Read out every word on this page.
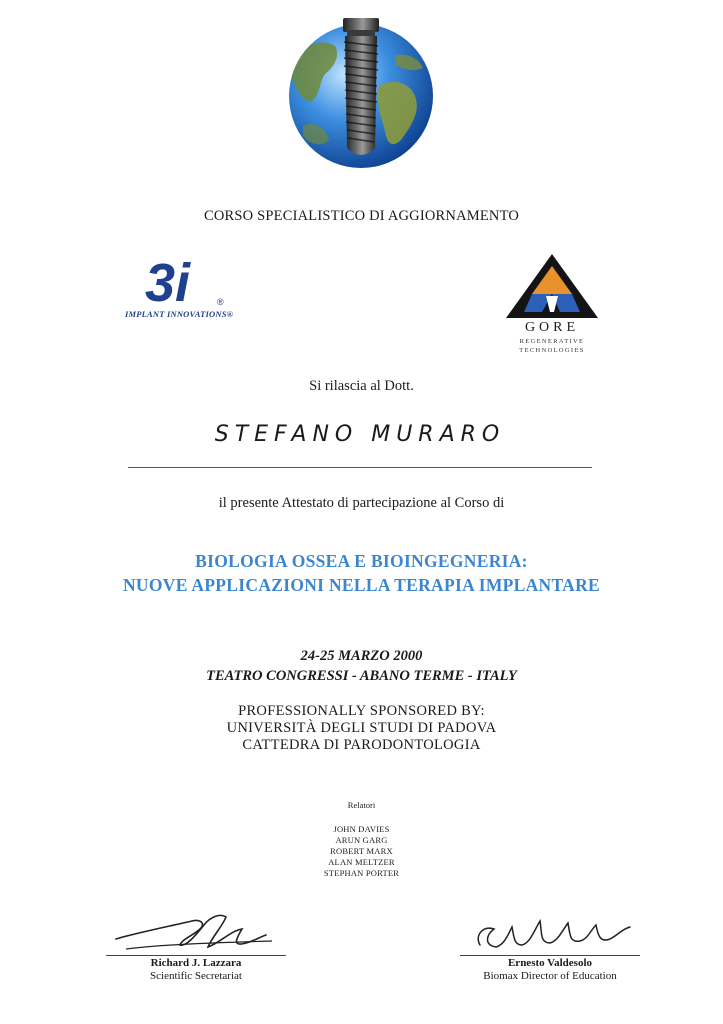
CORSO SPECIALISTICO DI AGGIORNAMENTO
3i	®
IMPLANT INNOVATIONS®
GORE
REGENERATIVE
TECHNOLOGIES
Si rilascia al Dott.
STEFANO MURARO
il presente Attestato di partecipazione al Corso di
BIOLOGIA OSSEA E BIOINGEGNERIA:
NUOVE APPLICAZIONI NELLA TERAPIA IMPLANTARE
24-25 MARZO 2000
TEATRO CONGRESSI - ABANO TERME - ITALY
PROFESSIONALLY SPONSORED BY:
UNIVERSITÀ DEGLI STUDI DI PADOVA
CATTEDRA DI PARODONTOLOGIA
Relatori
JOHN DAVIES
ARUN GARG
ROBERT MARX
ALAN MELTZER
STEPHAN PORTER
Richard J. Lazzara
Scientific Secretariat
Ernesto Valdesolo
Biomax Director of Education
